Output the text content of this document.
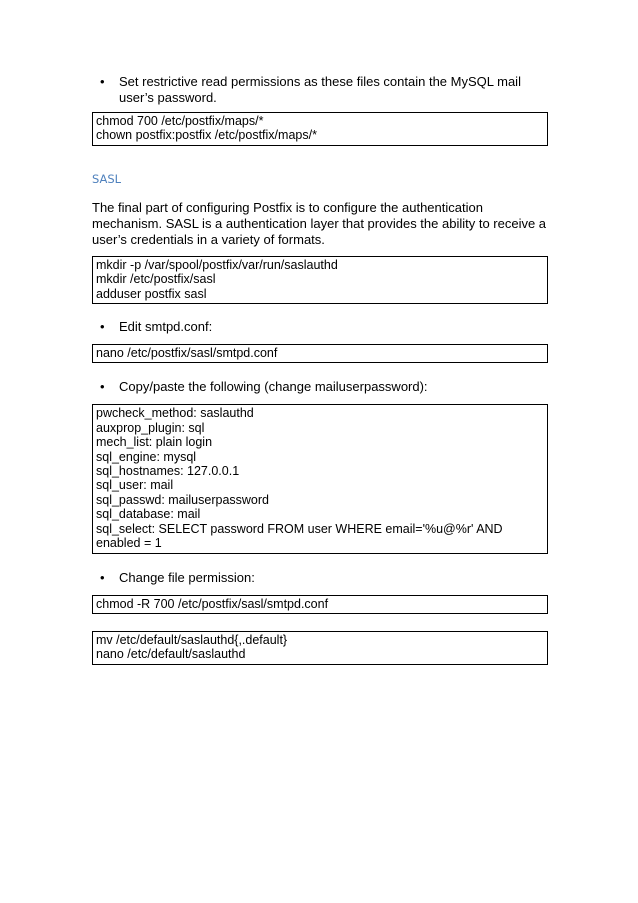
• Set restrictive read permissions as these files contain the MySQL mail user’s password.

chmod 700 /etc/postfix/maps/*
chown postfix:postfix /etc/postfix/maps/*

SASL

The final part of configuring Postfix is to configure the authentication mechanism. SASL is a authentication layer that provides the ability to receive a user’s credentials in a variety of formats.

mkdir -p /var/spool/postfix/var/run/saslauthd
mkdir /etc/postfix/sasl
adduser postfix sasl

• Edit smtpd.conf:

nano /etc/postfix/sasl/smtpd.conf

• Copy/paste the following (change mailuserpassword):

pwcheck_method: saslauthd
auxprop_plugin: sql
mech_list: plain login
sql_engine: mysql
sql_hostnames: 127.0.0.1
sql_user: mail
sql_passwd: mailuserpassword
sql_database: mail
sql_select: SELECT password FROM user WHERE email='%u@%r' AND enabled = 1

• Change file permission:

chmod -R 700 /etc/postfix/sasl/smtpd.conf
mv /etc/default/saslauthd{,.default}
nano /etc/default/saslauthd
